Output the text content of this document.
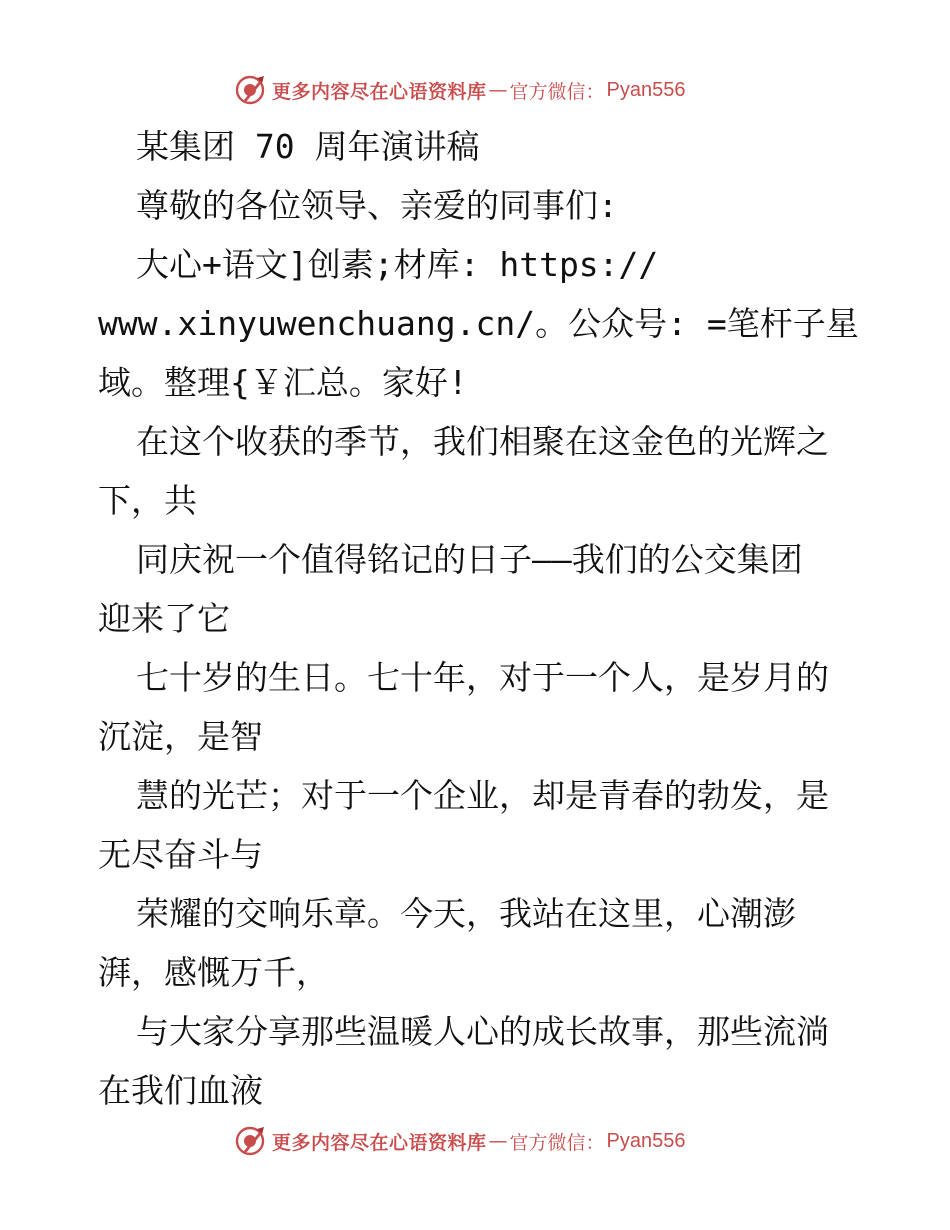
更多内容尽在心语资料库 — 官方微信： Pyan556
某集团 70 周年演讲稿
尊敬的各位领导、亲爱的同事们:
大心+语文]创素;材库: https://
www.xinyuwenchuang.cn/。公众号: =笔杆子星
域。整理{￥汇总。家好!
在这个收获的季节，我们相聚在这金色的光辉之
下，共
同庆祝一个值得铭记的日子——我们的公交集团
迎来了它
七十岁的生日。七十年，对于一个人，是岁月的
沉淀，是智
慧的光芒；对于一个企业，却是青春的勃发，是
无尽奋斗与
荣耀的交响乐章。今天，我站在这里，心潮澎
湃，感慨万千，
与大家分享那些温暖人心的成长故事，那些流淌
在我们血液
更多内容尽在心语资料库 — 官方微信： Pyan556
